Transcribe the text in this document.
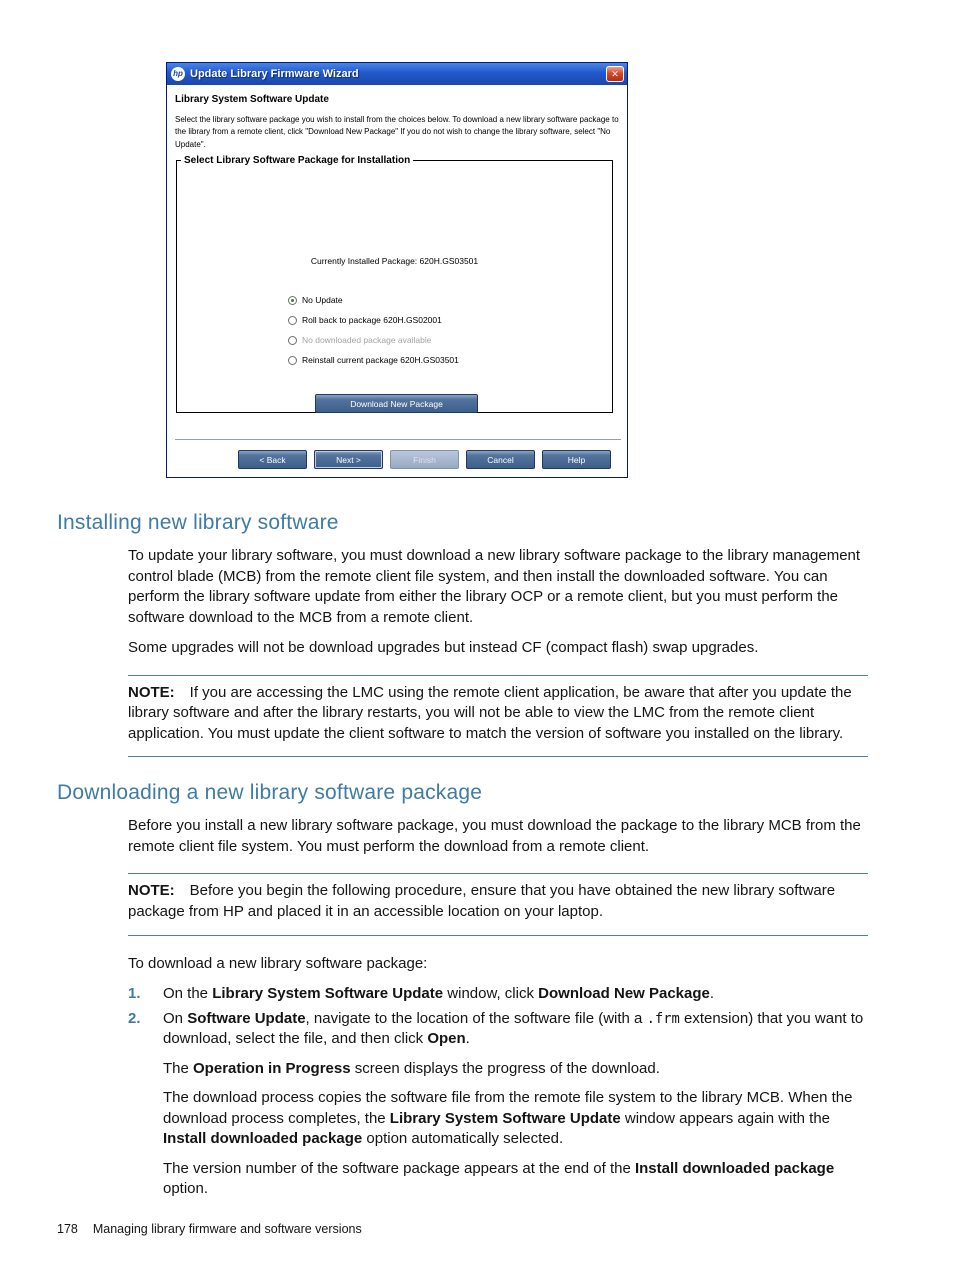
hp Update Library Firmware Wizard	✕
Library System Software Update
Select the library software package you wish to install from the choices below. To download a new library software package to the library from a remote client, click "Download New Package" If you do not wish to change the library software, select "No Update".
Select Library Software Package for Installation
Currently Installed Package: 620H.GS03501
No Update
Roll back to package 620H.GS02001
No downloaded package available
Reinstall current package 620H.GS03501
Download New Package
< Back	Next >	Finish	Cancel	Help
Installing new library software

To update your library software, you must download a new library software package to the library management control blade (MCB) from the remote client file system, and then install the downloaded software. You can perform the library software update from either the library OCP or a remote client, but you must perform the software download to the MCB from a remote client.

Some upgrades will not be download upgrades but instead CF (compact flash) swap upgrades.

NOTE: If you are accessing the LMC using the remote client application, be aware that after you update the library software and after the library restarts, you will not be able to view the LMC from the remote client application. You must update the client software to match the version of software you installed on the library.
Downloading a new library software package

Before you install a new library software package, you must download the package to the library MCB from the remote client file system. You must perform the download from a remote client.

NOTE: Before you begin the following procedure, ensure that you have obtained the new library software package from HP and placed it in an accessible location on your laptop.

To download a new library software package:

1.	On the Library System Software Update window, click Download New Package.
2.	On Software Update, navigate to the location of the software file (with a .frm extension) that you want to download, select the file, and then click Open.

The Operation in Progress screen displays the progress of the download.

The download process copies the software file from the remote file system to the library MCB. When the download process completes, the Library System Software Update window appears again with the Install downloaded package option automatically selected.

The version number of the software package appears at the end of the Install downloaded package option.

178 Managing library firmware and software versions
